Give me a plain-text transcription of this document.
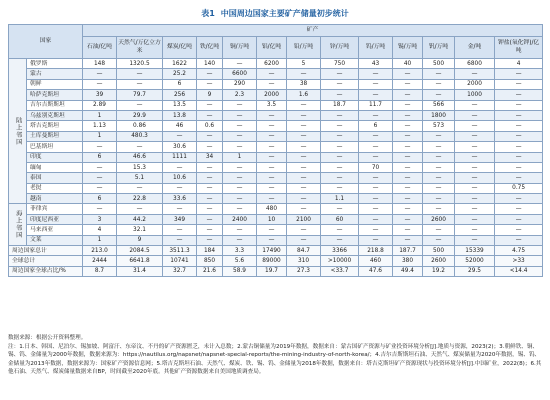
表1 中国周边国家主要矿产储量初步统计
国家		矿产												
		石油/亿吨	天然气/万亿立方米	煤炭/亿吨	铁/亿吨	铜/万吨	铝/亿吨	铅/万吨	锌/万吨	钨/万吨	锡/万吨	钒/万吨	金/吨	钾盐(氧化钾)/亿吨
陆上邻国	俄罗斯	148	1320.5	1622	140	—	6200	5	750	43	40	500	6800	4
	蒙古	—	—	25.2	—	6600	—	—	—	—	—	—	—	—
	朝鲜	—	—	6	—	290	—	38	—	—	—	—	2000	—
	哈萨克斯坦	39	79.7	256	9	2.3	2000	1.6	—	—	—	—	1000	—
	吉尔吉斯斯坦	2.89	—	13.5	—	—	3.5	—	18.7	11.7	—	566	—	—
	乌兹别克斯坦	1	29.9	13.8	—	—	—	—	—	—	—	1800	—	—
	塔吉克斯坦	1.13	0.86	46	0.6	—	—	—	—	6	—	573	—	—
	土库曼斯坦	1	480.3	—	—	—	—	—	—	—	—	—	—	—
	巴基斯坦	—	—	30.6	—	—	—	—	—	—	—	—	—	—
	印度	6	46.6	1111	34	1	—	—	—	—	—	—	—	—
	缅甸	—	15.3	—	—	—	—	—	—	70	—	—	—	—
	泰国	—	5.1	10.6	—	—	—	—	—	—	—	—	—	—
	老挝	—	—	—	—	—	—	—	—	—	—	—	—	0.75
	越南	6	22.8	33.6	—	—	—	—	1.1	—	—	—	—	—
海上邻国	菲律宾	—	—	—	—	—	480	—	—	—	—	—	—	—
	印度尼西亚	3	44.2	349	—	2400	10	2100	60	—	—	2600	—	—
	马来西亚	4	32.1	—	—	—	—	—	—	—	—	—	—	—
	文莱	1	9	—	—	—	—	—	—	—	—	—	—	—
周边国家总计		213.0	2084.5	3511.3	184	3.3	17490	84.7	3366	218.8	187.7	500	15339	4.75
全球总计		2444	6641.8	10741	850	5.6	89000	310	>10000	460	380	2600	52000	>33
周边国家全球占比/%		8.7	31.4	32.7	21.6	58.9	19.7	27.3	<33.7	47.6	49.4	19.2	29.5	<14.4

数据来源：根据公开资料整理。

注：1.日本、韩国、尼泊尔、锡加坡、阿富汗、东帝汶、不丹的矿产资源匮乏，未计入总数；2.蒙古铜储量为2019年数据，数据来自：蒙古国矿产资源与矿业投资环境分析[J].地质与资源，2023(2)；3.朝鲜铁、铜、锡、钨、金储量为2000年数据，数据来源为：https://nautilus.org/napsnet/napsnet-special-reports/the-mining-industry-of-north-korea/；4.吉尔吉斯斯坦石油、天然气、煤炭储量为2020年数据，锡、钨、金储量为2013年数据，数据来源为：国家矿产资源信息网；5.塔吉克斯坦石油、天然气、煤炭、铁、锡、钨、金储量为2018年数据，数据来自：塔吉克斯坦矿产资源现状与投资环境分析[J].中国矿业，2022(8)；6.其他石油、天然气、煤炭储量数据来自BP，时间截至2020年底。其他矿产资源数据来自美国地质调查局。
